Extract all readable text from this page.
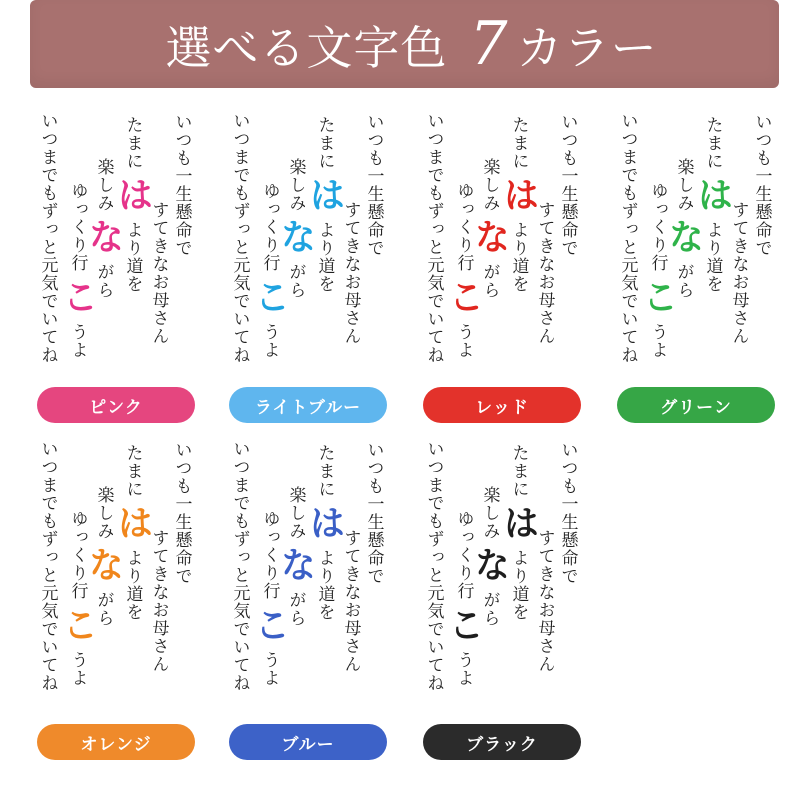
選べる文字色 7 カラー
いつも一生懸命で
すてきなお母さん
たまに
は
より道を
楽しみ
な
がら
ゆっくり行
こ
うよ
いつまでもずっと元気でいてね
ピンク
いつも一生懸命で
すてきなお母さん
たまに
は
より道を
楽しみ
な
がら
ゆっくり行
こ
うよ
いつまでもずっと元気でいてね
ライトブルー
いつも一生懸命で
すてきなお母さん
たまに
は
より道を
楽しみ
な
がら
ゆっくり行
こ
うよ
いつまでもずっと元気でいてね
レッド
いつも一生懸命で
すてきなお母さん
たまに
は
より道を
楽しみ
な
がら
ゆっくり行
こ
うよ
いつまでもずっと元気でいてね
グリーン
いつも一生懸命で
すてきなお母さん
たまに
は
より道を
楽しみ
な
がら
ゆっくり行
こ
うよ
いつまでもずっと元気でいてね
オレンジ
いつも一生懸命で
すてきなお母さん
たまに
は
より道を
楽しみ
な
がら
ゆっくり行
こ
うよ
いつまでもずっと元気でいてね
ブルー
いつも一生懸命で
すてきなお母さん
たまに
は
より道を
楽しみ
な
がら
ゆっくり行
こ
うよ
いつまでもずっと元気でいてね
ブラック
